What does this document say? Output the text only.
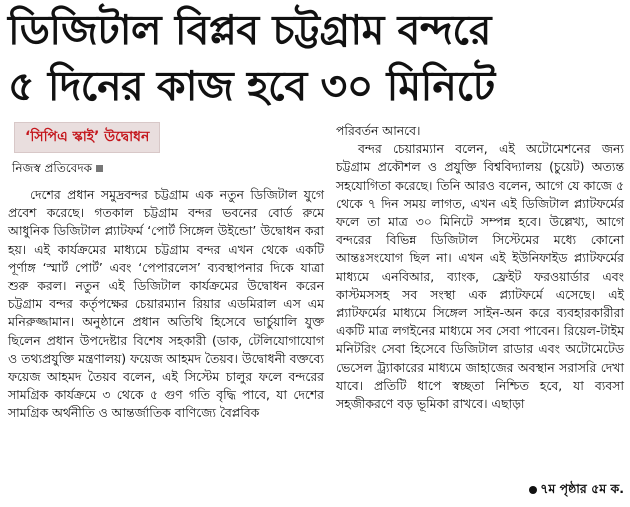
ডিজিটাল বিপ্লব চট্টগ্রাম বন্দরে
৫ দিনের কাজ হবে ৩০ মিনিটে
‘সিপিএ স্কাই’ উদ্বোধন
নিজস্ব প্রতিবেদক

দেশের প্রধান সমুদ্রবন্দর চট্টগ্রাম এক নতুন ডিজিটাল যুগে প্রবেশ করেছে। গতকাল চট্টগ্রাম বন্দর ভবনের বোর্ড রুমে আধুনিক ডিজিটাল প্ল্যাটফর্ম ‘পোর্ট সিঙ্গেল উইন্ডো’ উদ্বোধন করা হয়। এই কার্যক্রমের মাধ্যমে চট্টগ্রাম বন্দর এখন থেকে একটি পূর্ণাঙ্গ ‘স্মার্ট পোর্ট’ এবং ‘পেপারলেস’ ব্যবস্থাপনার দিকে যাত্রা শুরু করল। নতুন এই ডিজিটাল কার্যক্রমের উদ্বোধন করেন চট্টগ্রাম বন্দর কর্তৃপক্ষের চেয়ারম্যান রিয়ার এডমিরাল এস এম মনিরুজ্জামান। অনুষ্ঠানে প্রধান অতিথি হিসেবে ভার্চুয়ালি যুক্ত ছিলেন প্রধান উপদেষ্টার বিশেষ সহকারী (ডাক, টেলিযোগাযোগ ও তথ্যপ্রযুক্তি মন্ত্রণালয়) ফয়েজ আহমদ তৈয়ব। উদ্বোধনী বক্তব্যে ফয়েজ আহমদ তৈয়ব বলেন, এই সিস্টেম চালুর ফলে বন্দরের সামগ্রিক কার্যক্রমে ৩ থেকে ৫ গুণ গতি বৃদ্ধি পাবে, যা দেশের সামগ্রিক অর্থনীতি ও আন্তর্জাতিক বাণিজ্যে বৈপ্লবিক

পরিবর্তন আনবে।

বন্দর চেয়ারম্যান বলেন, এই অটোমেশনের জন্য চট্টগ্রাম প্রকৌশল ও প্রযুক্তি বিশ্ববিদ্যালয় (চুয়েট) অত্যন্ত সহযোগিতা করেছে। তিনি আরও বলেন, আগে যে কাজে ৫ থেকে ৭ দিন সময় লাগত, এখন এই ডিজিটাল প্ল্যাটফর্মের ফলে তা মাত্র ৩০ মিনিটে সম্পন্ন হবে। উল্লেখ্য, আগে বন্দরের বিভিন্ন ডিজিটাল সিস্টেমের মধ্যে কোনো আন্তঃসংযোগ ছিল না। এখন এই ইউনিফাইড প্ল্যাটফর্মের মাধ্যমে এনবিআর, ব্যাংক, ফ্রেইট ফরওয়ার্ডার এবং কাস্টমসসহ সব সংস্থা এক প্ল্যাটফর্মে এসেছে। এই প্ল্যাটফর্মের মাধ্যমে সিঙ্গেল সাইন-অন করে ব্যবহারকারীরা একটি মাত্র লগইনের মাধ্যমে সব সেবা পাবেন। রিয়েল-টাইম মনিটরিং সেবা হিসেবে ডিজিটাল রাডার এবং অটোমেটেড ভেসেল ট্র্যাকারের মাধ্যমে জাহাজের অবস্থান সরাসরি দেখা যাবে। প্রতিটি ধাপে স্বচ্ছতা নিশ্চিত হবে, যা ব্যবসা সহজীকরণে বড় ভূমিকা রাখবে। এছাড়া

৭ম পৃষ্ঠার ৫ম ক.
